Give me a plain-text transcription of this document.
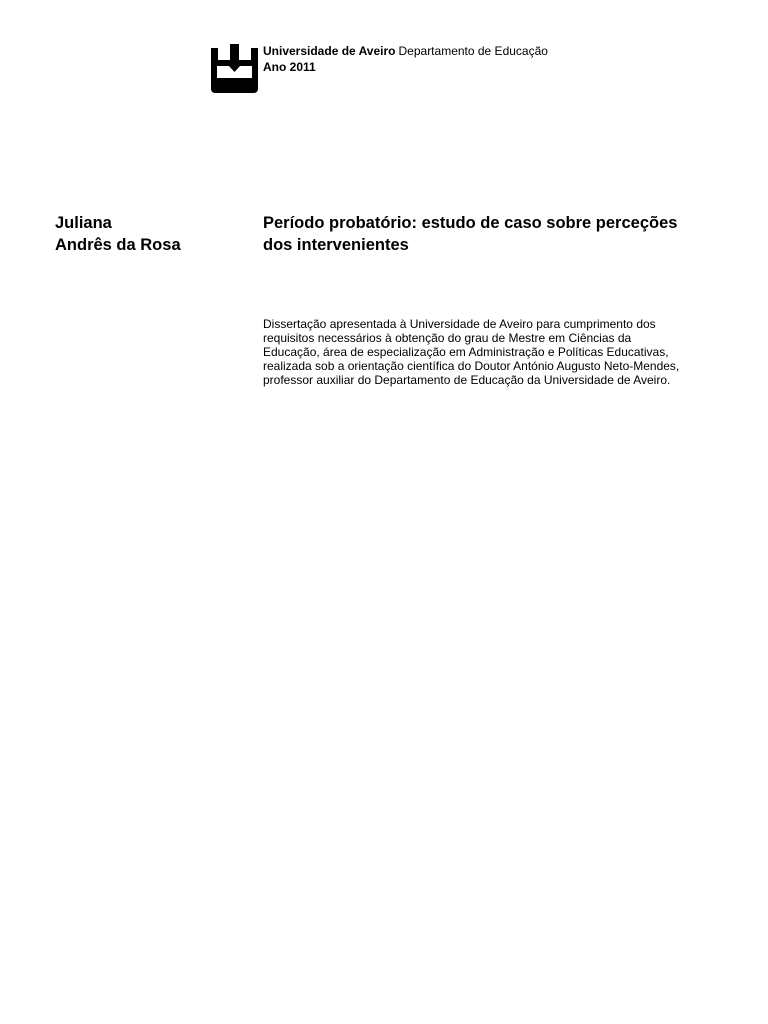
Universidade de Aveiro Departamento de Educação
Ano 2011
Juliana
Andrês da Rosa
Período probatório: estudo de caso sobre perceções
dos intervenientes
Dissertação apresentada à Universidade de Aveiro para cumprimento dos
requisitos necessários à obtenção do grau de Mestre em Ciências da
Educação, área de especialização em Administração e Políticas Educativas,
realizada sob a orientação científica do Doutor António Augusto Neto-Mendes,
professor auxiliar do Departamento de Educação da Universidade de Aveiro.
